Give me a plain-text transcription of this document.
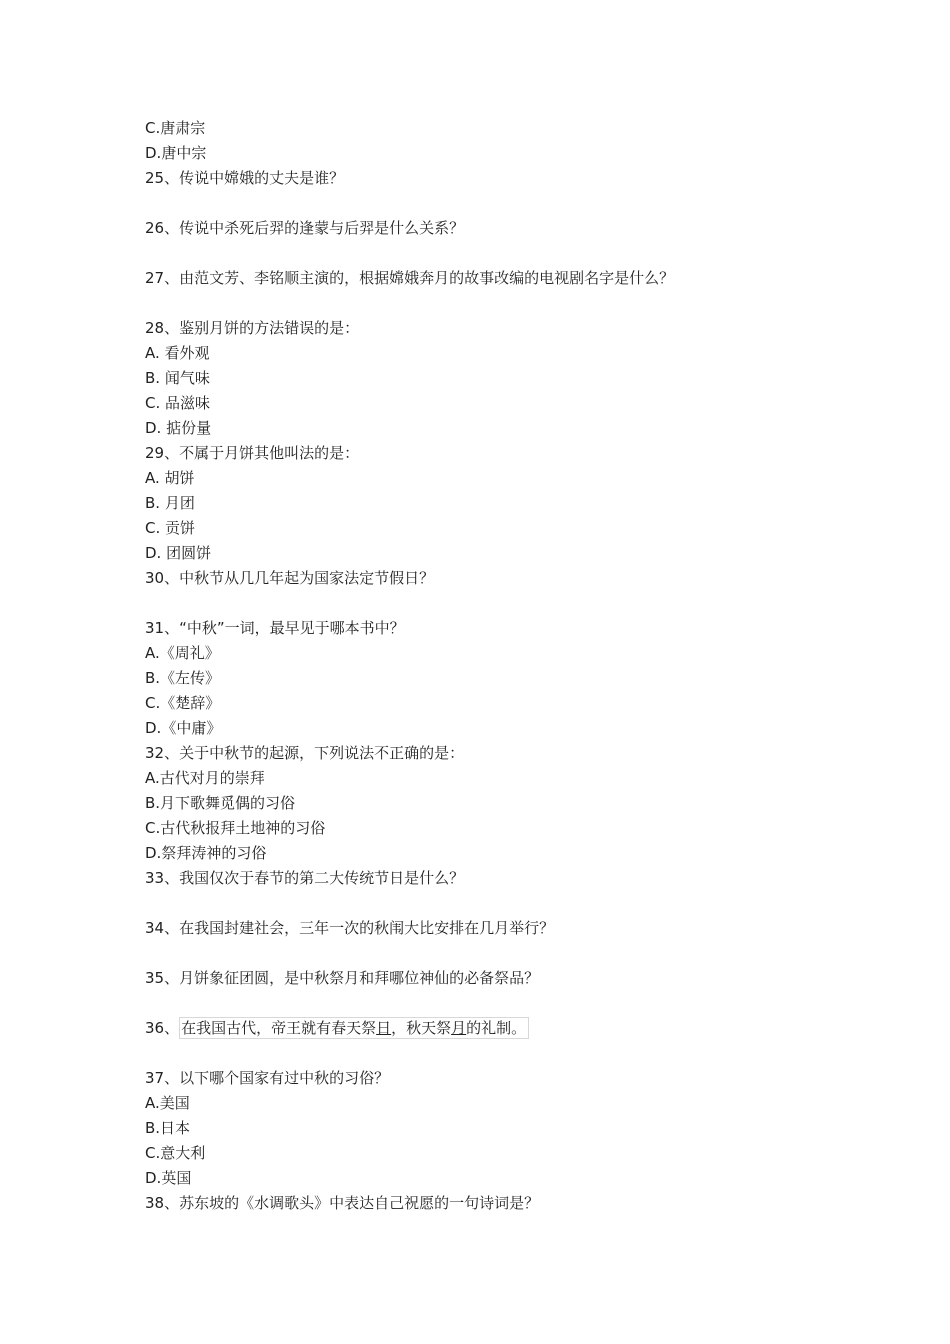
C.唐肃宗
D.唐中宗
25、传说中嫦娥的丈夫是谁？
26、传说中杀死后羿的逢蒙与后羿是什么关系？
27、由范文芳、李铭顺主演的，根据嫦娥奔月的故事改编的电视剧名字是什么？
28、鉴别月饼的方法错误的是：
A. 看外观
B. 闻气味
C. 品滋味
D. 掂份量
29、不属于月饼其他叫法的是：
A. 胡饼
B. 月团
C. 贡饼
D. 团圆饼
30、中秋节从几几年起为国家法定节假日？
31、“中秋”一词，最早见于哪本书中？
A.《周礼》
B.《左传》
C.《楚辞》
D.《中庸》
32、关于中秋节的起源，下列说法不正确的是：
A.古代对月的崇拜
B.月下歌舞觅偶的习俗
C.古代秋报拜土地神的习俗
D.祭拜涛神的习俗
33、我国仅次于春节的第二大传统节日是什么？
34、在我国封建社会，三年一次的秋闱大比安排在几月举行？
35、月饼象征团圆，是中秋祭月和拜哪位神仙的必备祭品？
36、 在我国古代，帝王就有春天祭日，秋天祭月的礼制。
37、以下哪个国家有过中秋的习俗？
A.美国
B.日本
C.意大利
D.英国
38、苏东坡的《水调歌头》中表达自己祝愿的一句诗词是？
